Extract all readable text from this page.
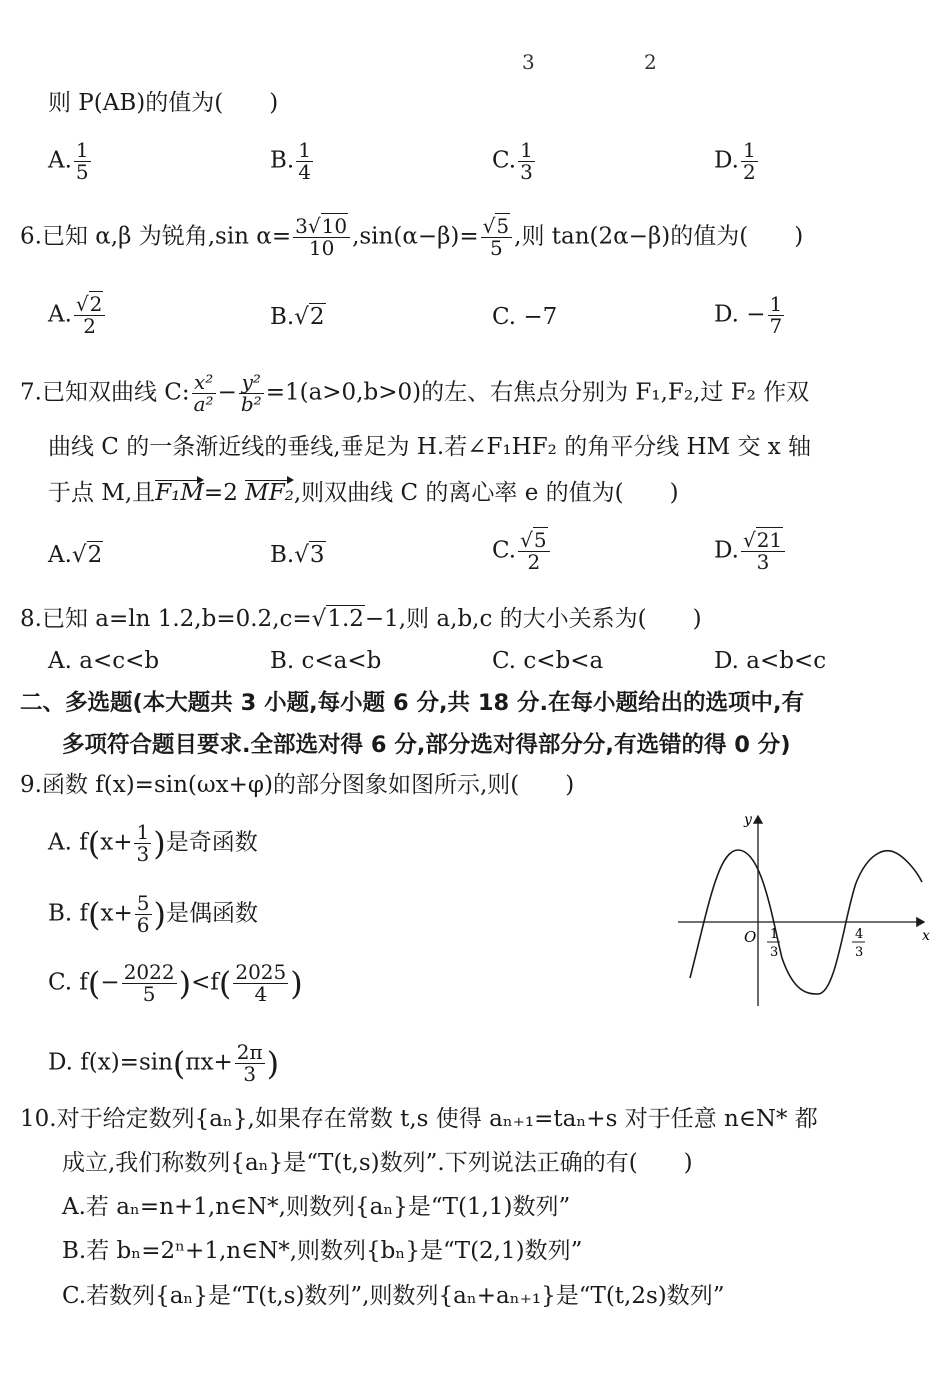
3	2
则 P(AB)的值为(　　)
A. $\frac{1}{5}$	B. $\frac{1}{4}$	C. $\frac{1}{3}$	D. $\frac{1}{2}$
6.已知 α,β 为锐角,sin $\alpha= \frac{3√10}{10} ,\sin(\alpha-\beta)= \frac{√5}{5}$ ,则 tan(2α−β)的值为(　　)
A. $\frac{√2}{2}$	B.√2	C. −7	D. − $\frac{1}{7}$
7.已知双曲线 C: $\frac{\text{x²}}{\text{a²}} - \frac{\text{y²}}{\text{b²}} =1(a>0,b>0)$的左、右焦点分别为 F₁,F₂,过 F₂ 作双
曲线 C 的一条渐近线的垂线,垂足为 H.若∠F₁HF₂ 的角平分线 HM 交 x 轴
于点 M,且F₁M=2 MF₂,则双曲线 C 的离心率 e 的值为(　　)
A.√2	B.√3	C. $\frac{√5}{2}$	D. $\frac{√21}{3}$
8.已知 a=ln 1.2,b=0.2,c=√1.2−1,则 a,b,c 的大小关系为(　　)
A. a<c<b	B. c<a<b	C. c<b<a	D. a<b<c
二、多选题(本大题共 3 小题,每小题 6 分,共 18 分.在每小题给出的选项中,有
多项符合题目要求.全部选对得 6 分,部分选对得部分分,有选错的得 0 分)
9.函数 f(x)=sin(ωx+φ)的部分图象如图所示,则(　　)
A. $f(x+ \frac{1}{3}$ )是奇函数
B. $f(x+ \frac{5}{6}$ )是偶函数
C. $f(- \frac{2022}{5} )<f( \frac{2025}{4}$ )
D. $f(x)=\sin(\pi x+ \frac{2\pi}{3}$ )
O
y
x
1
3
4
3
10.对于给定数列{aₙ},如果存在常数 t,s 使得 aₙ₊₁=taₙ+s 对于任意 n∈N* 都
成立,我们称数列{aₙ}是“T(t,s)数列”.下列说法正确的有(　　)
A.若 aₙ=n+1,n∈N*,则数列{aₙ}是“T(1,1)数列”
B.若 bₙ=2ⁿ+1,n∈N*,则数列{bₙ}是“T(2,1)数列”
C.若数列{aₙ}是“T(t,s)数列”,则数列{aₙ+aₙ₊₁}是“T(t,2s)数列”
